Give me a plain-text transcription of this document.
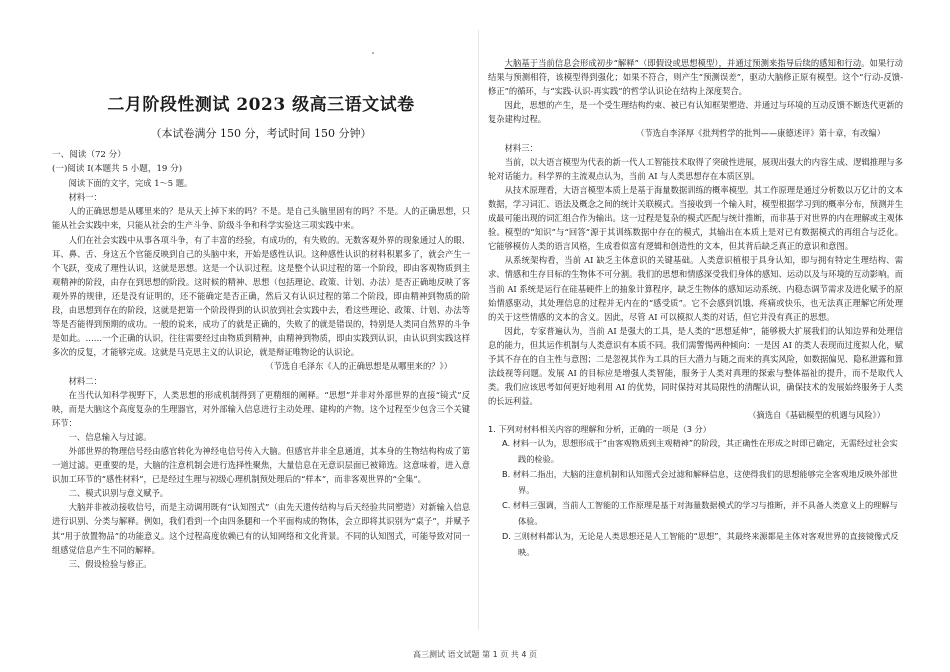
二月阶段性测试 2023 级高三语文试卷
（本试卷满分 150 分，考试时间 150 分钟）

一、阅读（72 分）

(一)阅读 I(本题共 5 小题，19 分)

阅读下面的文字，完成 1～5 题。

材料一：

人的正确思想是从哪里来的？是从天上掉下来的吗？不是。是自己头脑里固有的吗？不是。人的正确思想，只能从社会实践中来，只能从社会的生产斗争、阶级斗争和科学实验这三项实践中来。

人们在社会实践中从事各项斗争，有了丰富的经验，有成功的，有失败的。无数客观外界的现象通过人的眼、耳、鼻、舌、身这五个官能反映到自己的头脑中来，开始是感性认识。这种感性认识的材料积累多了，就会产生一个飞跃，变成了理性认识，这就是思想。这是一个认识过程。这是整个认识过程的第一个阶段，即由客观物质到主观精神的阶段，由存在到思想的阶段。这时候的精神、思想（包括理论、政策、计划、办法）是否正确地反映了客观外界的规律，还是没有证明的，还不能确定是否正确，然后又有认识过程的第二个阶段，即由精神到物质的阶段，由思想到存在的阶段，这就是把第一个阶段得到的认识放到社会实践中去，看这些理论、政策、计划、办法等等是否能得到预期的成功。一般的说来，成功了的就是正确的，失败了的就是错误的，特别是人类同自然界的斗争是如此。……一个正确的认识，往往需要经过由物质到精神，由精神到物质，即由实践到认识，由认识到实践这样多次的反复，才能够完成。这就是马克思主义的认识论，就是辩证唯物论的认识论。

（节选自毛泽东《人的正确思想是从哪里来的？》）

材料二：

在当代认知科学视野下，人类思想的形成机制得到了更精细的阐释。“思想”并非对外部世界的直接“镜式”反映，而是大脑这个高度复杂的生理器官，对外部输入信息进行主动处理、建构的产物。这个过程至少包含三个关键环节：

一、信息输入与过滤。

外部世界的物理信号经由感官转化为神经电信号传入大脑。但感官并非全息通道，其本身的生物结构构成了第一道过滤。更重要的是，大脑的注意机制会进行选择性聚焦，大量信息在无意识层面已被筛选。这意味着，进入意识加工环节的“感性材料”，已是经过生理与初级心理机制预处理后的“样本”，而非客观世界的“全集”。

二、模式识别与意义赋予。

大脑并非被动接收信号，而是主动调用既有“认知图式”（由先天遗传结构与后天经验共同塑造）对新输入信息进行识别、分类与解释。例如，我们看到一个由四条腿和一个平面构成的物体，会立即将其识别为“桌子”，并赋予其“用于放置物品”的功能意义。这个过程高度依赖已有的认知网络和文化背景。不同的认知图式，可能导致对同一组感觉信息产生不同的解释。

三、假设检验与修正。

大脑基于当前信息会形成初步“解释”（即假设或思想模型），并通过预测来指导后续的感知和行动。如果行动结果与预测相符，该模型得到强化；如果不符合，则产生“预测误差”，驱动大脑修正原有模型。这个“行动-反馈-修正”的循环，与“实践-认识-再实践”的哲学认识论在结构上深度契合。

因此，思想的产生，是一个受生理结构约束、被已有认知框架塑造、并通过与环境的互动反馈不断迭代更新的复杂建构过程。

（节选自李泽厚《批判哲学的批判——康德述评》第十章，有改编）

材料三：

当前，以大语言模型为代表的新一代人工智能技术取得了突破性进展，展现出强大的内容生成、逻辑推理与多轮对话能力。科学界的主流观点认为，当前 AI 与人类思想存在本质区别。

从技术原理看，大语言模型本质上是基于海量数据训练的概率模型。其工作原理是通过分析数以万亿计的文本数据，学习词汇、语法及概念之间的统计关联模式。当接收到一个输入时，模型根据学习到的概率分布，预测并生成最可能出现的词汇组合作为输出。这一过程是复杂的模式匹配与统计推断，而非基于对世界的内在理解或主观体验。模型的“知识”与“回答”源于其训练数据中存在的模式，其输出在本质上是对已有数据模式的再组合与泛化。它能够模仿人类的语言风格，生成看似富有逻辑和创造性的文本，但其背后缺乏真正的意识和意图。

从系统架构看，当前 AI 缺乏主体意识的关键基础。人类意识植根于具身认知，即与拥有特定生理结构、需求、情感和生存目标的生物体不可分割。我们的思想和情感深受我们身体的感知、运动以及与环境的互动影响。而当前 AI 系统是运行在硅基硬件上的抽象计算程序，缺乏生物体的感知运动系统、内稳态调节需求及进化赋予的原始情感驱动，其处理信息的过程并无内在的“感受质”。它不会感到饥饿、疼痛或快乐，也无法真正理解它所处理的关于这些情感的文本的含义。因此，尽管 AI 可以模拟人类的对话，但它并没有真正的思想。

因此，专家普遍认为，当前 AI 是强大的工具，是人类的“思想延伸”，能够极大扩展我们的认知边界和处理信息的能力，但其运作机制与人类意识有本质不同。我们需警惕两种倾向：一是因 AI 的类人表现而过度拟人化，赋予其不存在的自主性与意图；二是忽视其作为工具的巨大潜力与随之而来的真实风险，如数据偏见、隐私泄露和算法歧视等问题。发展 AI 的目标应是增强人类智能，服务于人类对真理的探索与整体福祉的提升，而不是取代人类。我们应该思考如何更好地利用 AI 的优势，同时保持对其局限性的清醒认识，确保技术的发展始终服务于人类的长远利益。

（摘选自《基础模型的机遇与风险》）

1. 下列对材料相关内容的理解和分析，正确的一项是（3 分）

A. 材料一认为，思想形成于“由客观物质到主观精神”的阶段，其正确性在形成之时即已确定，无需经过社会实践的检验。

B. 材料二指出，大脑的注意机制和认知图式会过滤和解释信息，这使得我们的思想能够完全客观地反映外部世界。

C. 材料三强调，当前人工智能的工作原理是基于对海量数据模式的学习与推断，并不具备人类意义上的理解与体验。

D. 三则材料都认为，无论是人类思想还是人工智能的“思想”，其最终来源都是主体对客观世界的直接镜像式反映。

高三测试 语文试题 第 1 页 共 4 页
